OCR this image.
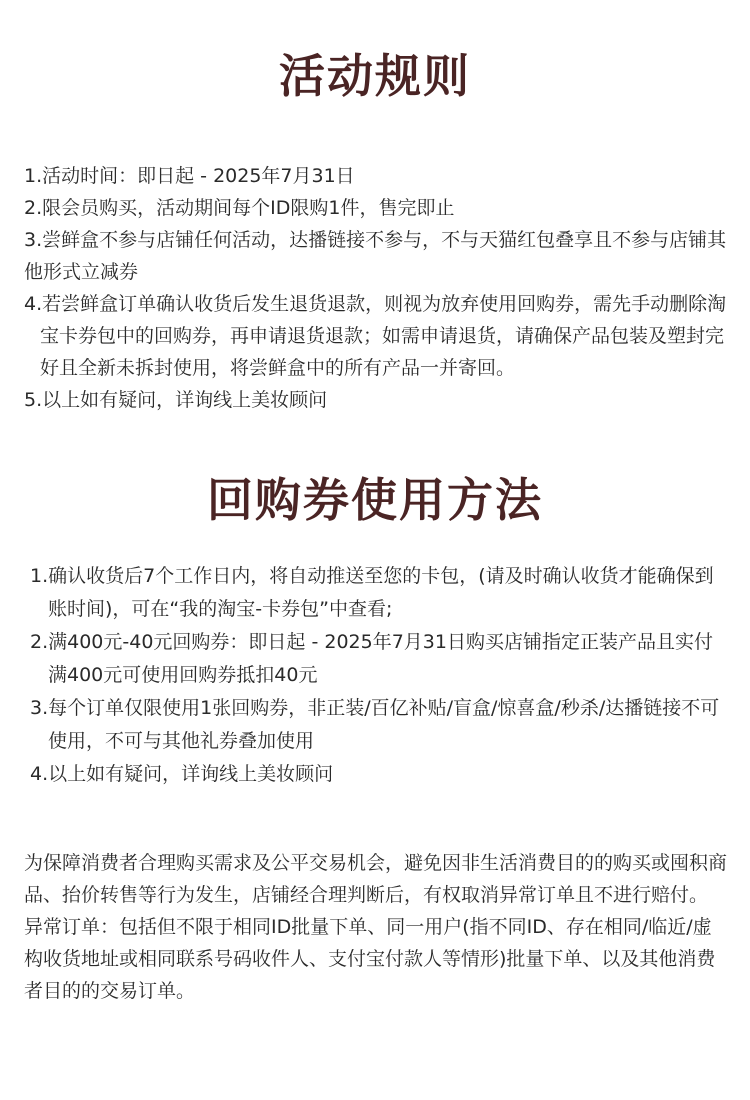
活动规则
1.活动时间：即日起 - 2025年7月31日
2.限会员购买，活动期间每个ID限购1件，售完即止
3.尝鲜盒不参与店铺任何活动，达播链接不参与，不与天猫红包叠享且不参与店铺其他形式立减券
4.若尝鲜盒订单确认收货后发生退货退款，则视为放弃使用回购券，需先手动删除淘宝卡券包中的回购券，再申请退货退款；如需申请退货，请确保产品包装及塑封完好且全新未拆封使用，将尝鲜盒中的所有产品一并寄回。
5.以上如有疑问，详询线上美妆顾问
回购券使用方法
1.确认收货后7个工作日内，将自动推送至您的卡包，(请及时确认收货才能确保到账时间)，可在“我的淘宝-卡券包”中查看;
2.满400元-40元回购券：即日起 - 2025年7月31日购买店铺指定正装产品且实付满400元可使用回购券抵扣40元
3.每个订单仅限使用1张回购券，非正装/百亿补贴/盲盒/惊喜盒/秒杀/达播链接不可使用，不可与其他礼券叠加使用
4.以上如有疑问，详询线上美妆顾问

为保障消费者合理购买需求及公平交易机会，避免因非生活消费目的的购买或囤积商品、抬价转售等行为发生，店铺经合理判断后，有权取消异常订单且不进行赔付。

异常订单：包括但不限于相同ID批量下单、同一用户(指不同ID、存在相同/临近/虚构收货地址或相同联系号码收件人、支付宝付款人等情形)批量下单、以及其他消费者目的的交易订单。
